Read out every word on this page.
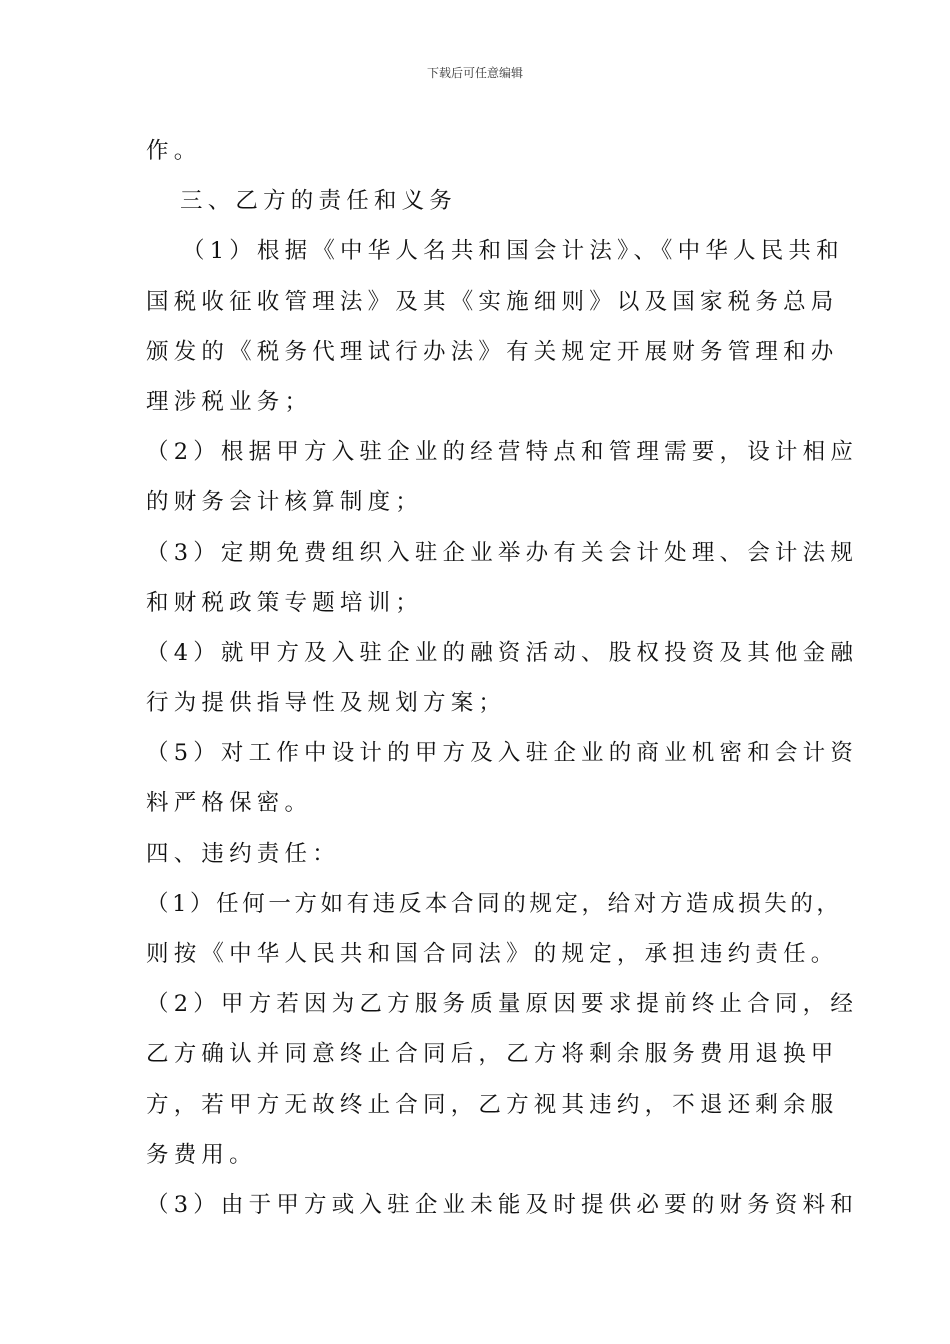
下载后可任意编辑
作。
三、乙方的责任和义务
（1）根据《中华人名共和国会计法》、《中华人民共和
国税收征收管理法》及其《实施细则》以及国家税务总局
颁发的《税务代理试行办法》有关规定开展财务管理和办
理涉税业务；
（2）根据甲方入驻企业的经营特点和管理需要，设计相应
的财务会计核算制度；
（3）定期免费组织入驻企业举办有关会计处理、会计法规
和财税政策专题培训；
（4）就甲方及入驻企业的融资活动、股权投资及其他金融
行为提供指导性及规划方案；
（5）对工作中设计的甲方及入驻企业的商业机密和会计资
料严格保密。
四、违约责任：
（1）任何一方如有违反本合同的规定，给对方造成损失的，
则按《中华人民共和国合同法》的规定，承担违约责任。
（2）甲方若因为乙方服务质量原因要求提前终止合同，经
乙方确认并同意终止合同后，乙方将剩余服务费用退换甲
方，若甲方无故终止合同，乙方视其违约，不退还剩余服
务费用。
（3）由于甲方或入驻企业未能及时提供必要的财务资料和
